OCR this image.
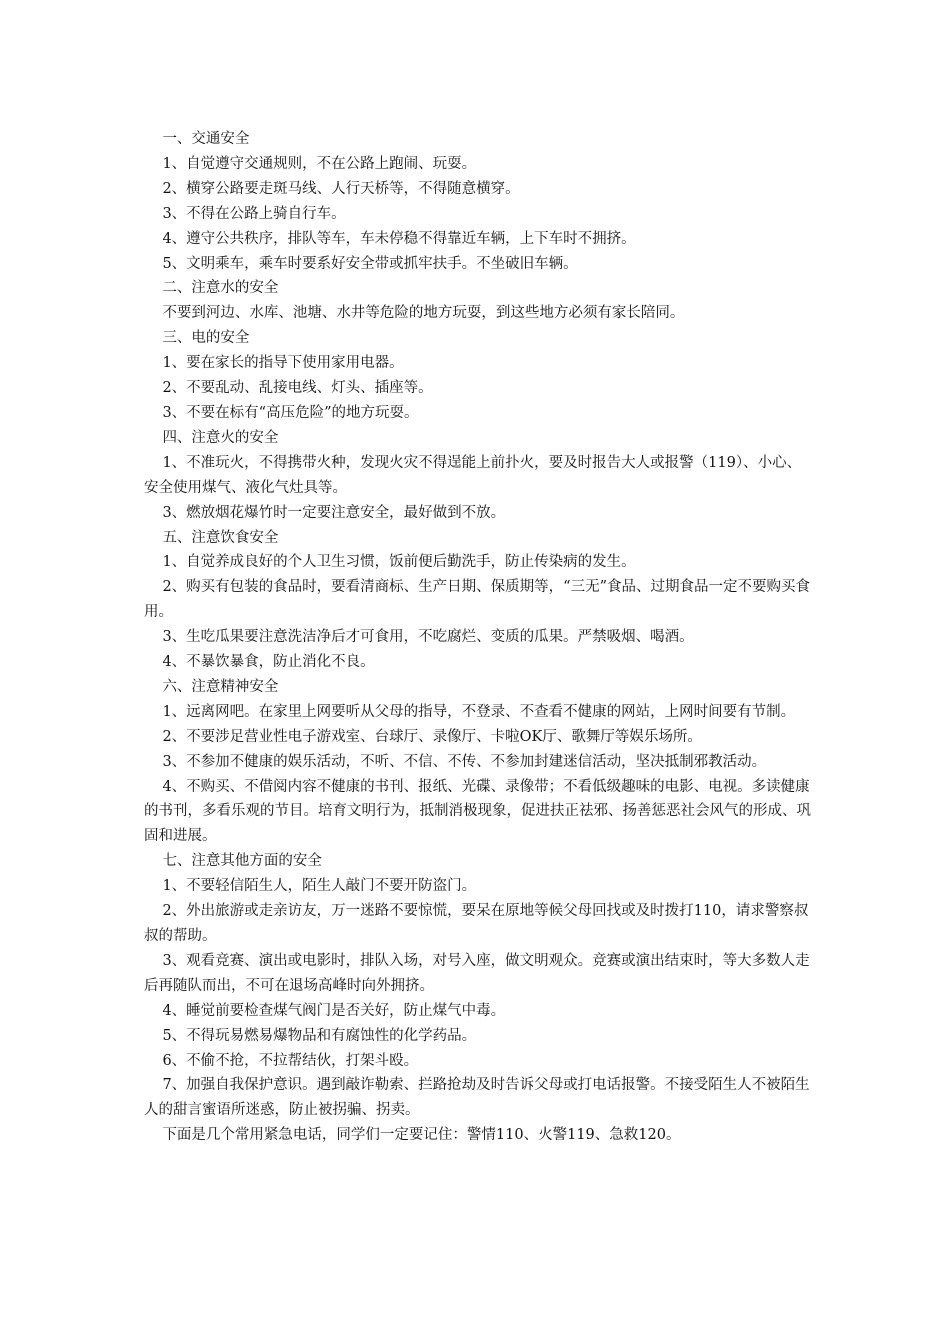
一、交通安全

1、自觉遵守交通规则，不在公路上跑闹、玩耍。

2、横穿公路要走斑马线、人行天桥等，不得随意横穿。

3、不得在公路上骑自行车。

4、遵守公共秩序，排队等车，车未停稳不得靠近车辆，上下车时不拥挤。

5、文明乘车，乘车时要系好安全带或抓牢扶手。不坐破旧车辆。

二、注意水的安全

不要到河边、水库、池塘、水井等危险的地方玩耍，到这些地方必须有家长陪同。

三、电的安全

1、要在家长的指导下使用家用电器。

2、不要乱动、乱接电线、灯头、插座等。

3、不要在标有“高压危险”的地方玩耍。

四、注意火的安全

1、不准玩火，不得携带火种，发现火灾不得逞能上前扑火，要及时报告大人或报警（119）、小心、安全使用煤气、液化气灶具等。

3、燃放烟花爆竹时一定要注意安全，最好做到不放。

五、注意饮食安全

1、自觉养成良好的个人卫生习惯，饭前便后勤洗手，防止传染病的发生。

2、购买有包装的食品时，要看清商标、生产日期、保质期等，“三无”食品、过期食品一定不要购买食用。

3、生吃瓜果要注意洗洁净后才可食用，不吃腐烂、变质的瓜果。严禁吸烟、喝酒。

4、不暴饮暴食，防止消化不良。

六、注意精神安全

1、远离网吧。在家里上网要听从父母的指导，不登录、不查看不健康的网站，上网时间要有节制。

2、不要涉足营业性电子游戏室、台球厅、录像厅、卡啦OK厅、歌舞厅等娱乐场所。

3、不参加不健康的娱乐活动，不听、不信、不传、不参加封建迷信活动，坚决抵制邪教活动。

4、不购买、不借阅内容不健康的书刊、报纸、光碟、录像带；不看低级趣味的电影、电视。多读健康的书刊，多看乐观的节目。培育文明行为，抵制消极现象，促进扶正祛邪、扬善惩恶社会风气的形成、巩固和进展。

七、注意其他方面的安全

1、不要轻信陌生人，陌生人敲门不要开防盗门。

2、外出旅游或走亲访友，万一迷路不要惊慌，要呆在原地等候父母回找或及时拨打110，请求警察叔叔的帮助。

3、观看竞赛、演出或电影时，排队入场，对号入座，做文明观众。竞赛或演出结束时，等大多数人走后再随队而出，不可在退场高峰时向外拥挤。

4、睡觉前要检查煤气阀门是否关好，防止煤气中毒。

5、不得玩易燃易爆物品和有腐蚀性的化学药品。

6、不偷不抢，不拉帮结伙，打架斗殴。

7、加强自我保护意识。遇到敲诈勒索、拦路抢劫及时告诉父母或打电话报警。不接受陌生人不被陌生人的甜言蜜语所迷惑，防止被拐骗、拐卖。

下面是几个常用紧急电话，同学们一定要记住：警情110、火警119、急救120。
